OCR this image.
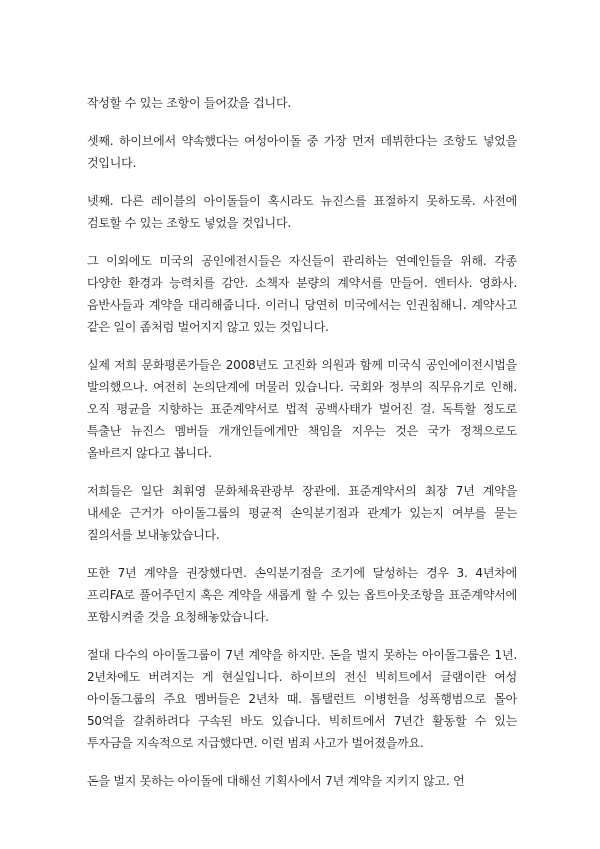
작성할 수 있는 조항이 들어갔을 겁니다.

셋째. 하이브에서 약속했다는 여성아이돌 중 가장 먼저 데뷔한다는 조항도 넣었을 것입니다.

넷째. 다른 레이블의 아이돌들이 혹시라도 뉴진스를 표절하지 못하도록. 사전에 검토할 수 있는 조항도 넣었을 것입니다.

그 이외에도 미국의 공인에전시들은 자신들이 관리하는 연예인들을 위해. 각종 다양한 환경과 능력치를 감안. 소책자 분량의 계약서를 만들어. 엔터사. 영화사. 음반사들과 계약을 대리해줍니다. 이러니 당연히 미국에서는 인권침해니. 계약사고 같은 일이 좀처럼 벌어지지 않고 있는 것입니다.

실제 저희 문화평론가들은 2008년도 고진화 의원과 함께 미국식 공인에이전시법을 발의했으나. 여전히 논의단계에 머물러 있습니다. 국회와 정부의 직무유기로 인해. 오직 평균을 지향하는 표준계약서로 법적 공백사태가 벌어진 걸. 독특할 정도로 특출난 뉴진스 멤버들 개개인들에게만 책임을 지우는 것은 국가 정책으로도 올바르지 않다고 봅니다.

저희들은 일단 최휘영 문화체육관광부 장관에. 표준계약서의 최장 7년 계약을 내세운 근거가 아이돌그룹의 평균적 손익분기점과 관계가 있는지 여부를 묻는 질의서를 보내놓았습니다.

또한 7년 계약을 권장했다면. 손익분기점을 조기에 달성하는 경우 3. 4년차에 프리FA로 풀어주던지 혹은 계약을 새롭게 할 수 있는 옵트아웃조항을 표준계약서에 포함시켜줄 것을 요청해놓았습니다.

절대 다수의 아이돌그룹이 7년 계약을 하지만. 돈을 벌지 못하는 아이돌그룹은 1년. 2년차에도 버려지는 게 현실입니다. 하이브의 전신 빅히트에서 글램이란 여성 아이돌그룹의 주요 멤버들은 2년차 때. 톱탤런트 이병헌을 성폭행범으로 몰아 50억을 갈취하려다 구속된 바도 있습니다. 빅히트에서 7년간 활동할 수 있는 투자금을 지속적으로 지급했다면. 이런 범죄 사고가 벌어졌을까요.

돈을 벌지 못하는 아이돌에 대해선 기획사에서 7년 계약을 지키지 않고. 언
